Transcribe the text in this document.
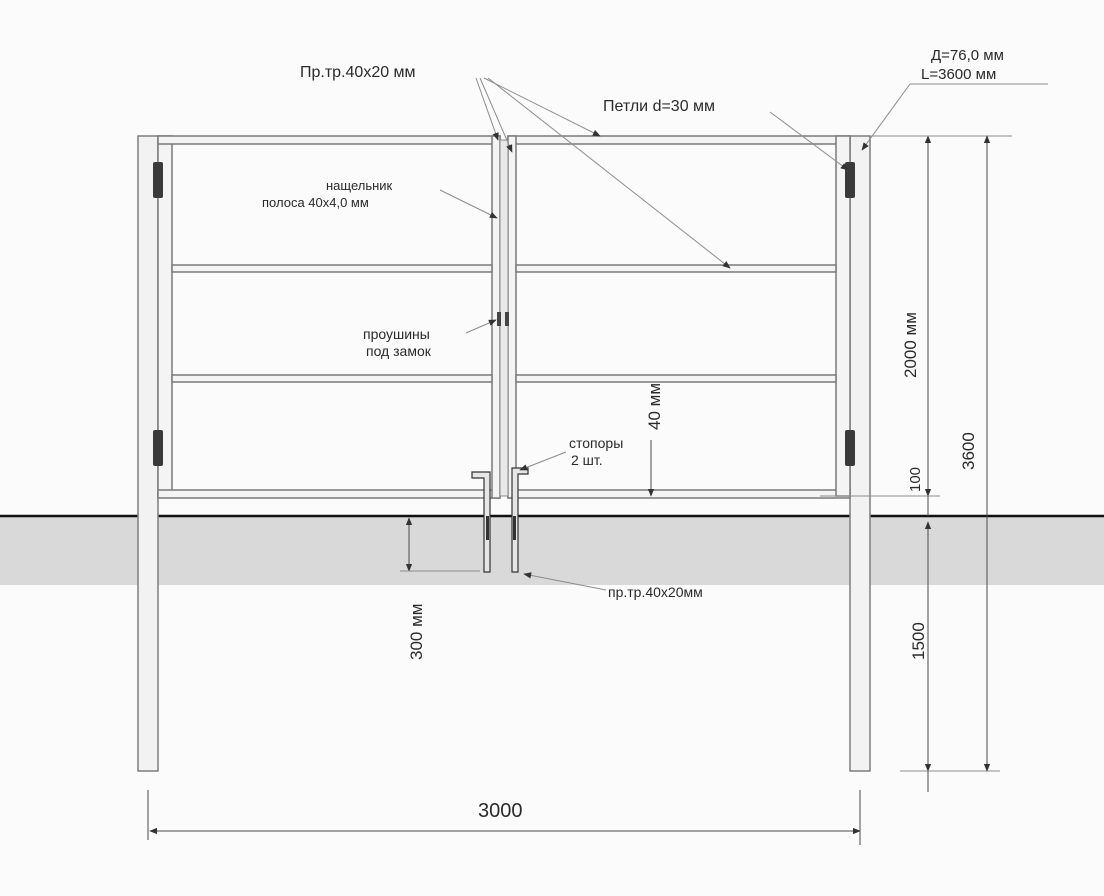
Пр.тр.40х20 мм
Д=76,0 мм
L=3600 мм
Петли d=30 мм
нащельник
полоса 40х4,0 мм
проушины
под замок
стопоры
2 шт.
пр.тр.40х20мм
2000 мм
3600
100
40 мм
300 мм	1500
3000
